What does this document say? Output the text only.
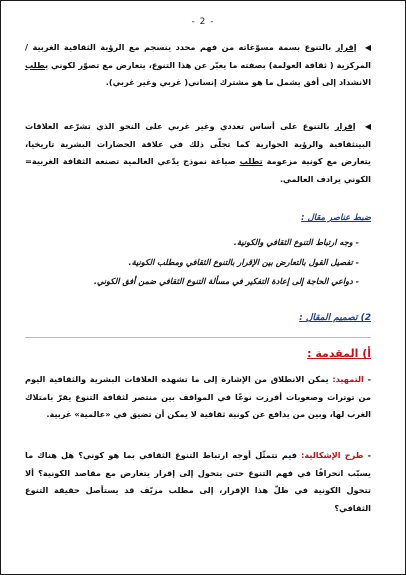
- 2 -
◀ إقرار بالتنوع بسمة مسوّغاته من فهم محدد ينسجم مع الرؤية الثقافية الغربية / المركزية ( ثقافة العولمة) بصفته ما يعبّر عن هذا التنوع، يتعارض مع تصوّر لكوني يطلب الانشداد إلى أفق يشمل ما هو مشترك إنساني( غربي وغير غربي).
◀ إقرار بالتنوع على أساس تعددي وغير غربي على النحو الذي تشرّعه العلاقات البينثقافية والرؤية الحوارية كما تجلّى ذلك في علاقة الحضارات البشرية تاريخيا، يتعارض مع كونية مزعومة تطلب صياغة نموذج يدّعي العالمية تصنعه الثقافة الغربية= الكوني يرادف العالمي.
ضبط عناصر مقال :
- وجه ارتباط التنوع الثقافي والكونية.
- تفصيل القول بالتعارض بين الإقرار بالتنوع الثقافي ومطلب الكونية.
- دواعي الحاجة إلى إعادة التفكير في مسألة التنوع الثقافي ضمن أفق الكوني.
2) تصميم المقال :
أ) المقدمة :
- التمهيد: يمكن الانطلاق من الإشارة إلى ما تشهده العلاقات البشرية والثقافية اليوم من توترات وصعوبات أفرزت نوعًا في المواقف بين منتصر لثقافة التنوع يقرّ بامتلاك الغرب لها، وبين من يدافع عن كونية ثقافية لا يمكن أن تضيق في «عالمية» غربية.
- طرح الإشكالية: فيم تتمثّل أوجه ارتباط التنوع الثقافي بما هو كوني؟ هل هناك ما يسبّب انحرافًا في فهم التنوع حتى يتحول إلى إقرار يتعارض مع مقاصد الكونية؟ ألا تتحول الكونية في ظلّ هذا الإقرار، إلى مطلب مزيّف قد يستأصل حقيقة التنوع الثقافي؟
